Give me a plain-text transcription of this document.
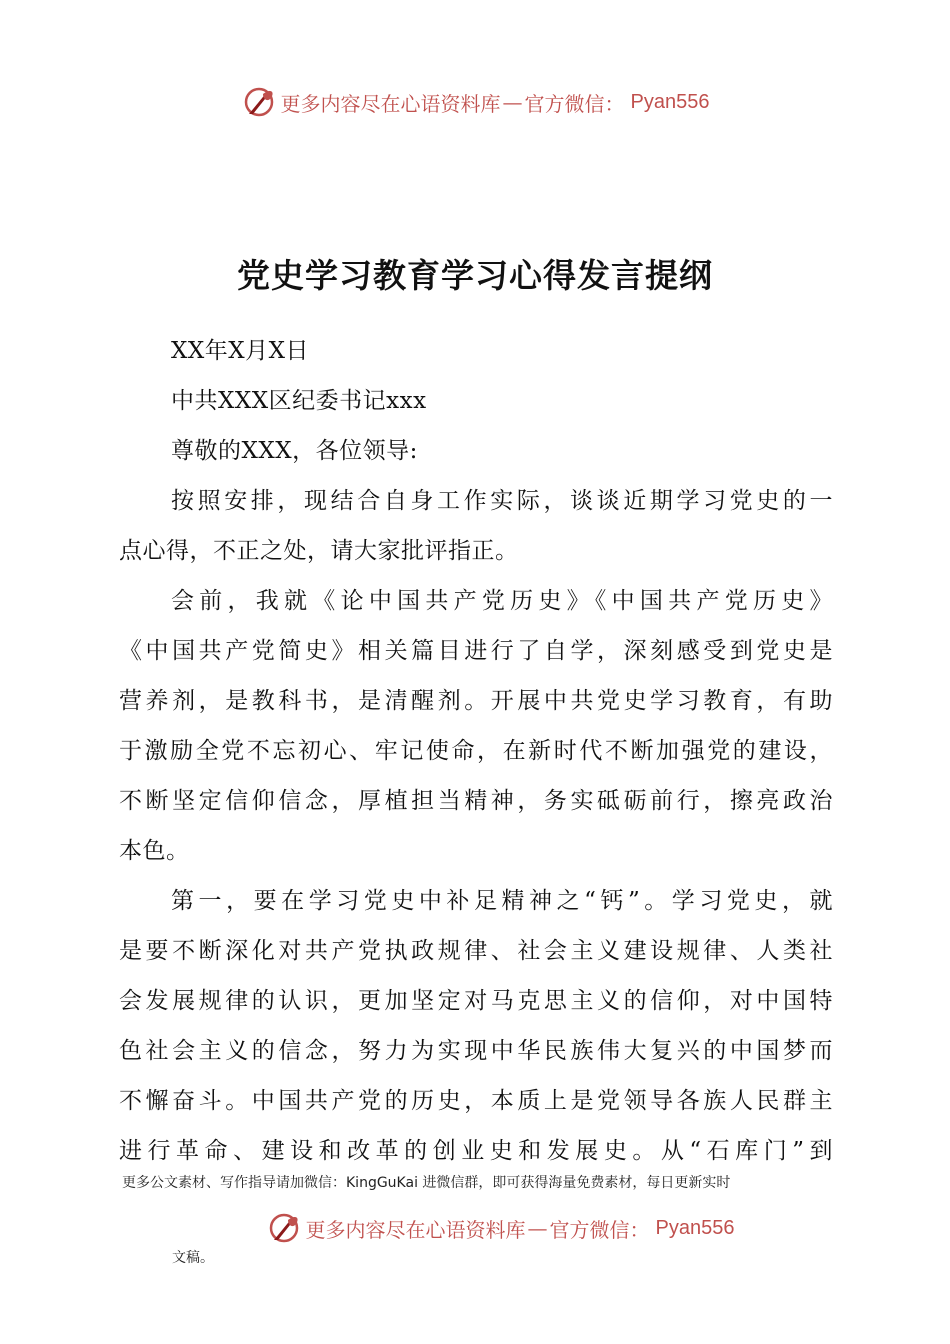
更多内容尽在心语资料库 — 官方微信： Pyan556
党史学习教育学习心得发言提纲
XX年X月X日
中共XXX区纪委书记xxx
尊敬的XXX，各位领导:
按照安排，现结合自身工作实际，谈谈近期学习党史的一
点心得，不正之处，请大家批评指正。
会前，我就《论中国共产党历史》《中国共产党历史》
《中国共产党简史》相关篇目进行了自学，深刻感受到党史是
营养剂，是教科书，是清醒剂。开展中共党史学习教育，有助
于激励全党不忘初心、牢记使命，在新时代不断加强党的建设，
不断坚定信仰信念，厚植担当精神，务实砥砺前行，擦亮政治
本色。
第一，要在学习党史中补足精神之“钙”。学习党史，就
是要不断深化对共产党执政规律、社会主义建设规律、人类社
会发展规律的认识，更加坚定对马克思主义的信仰，对中国特
色社会主义的信念，努力为实现中华民族伟大复兴的中国梦而
不懈奋斗。中国共产党的历史，本质上是党领导各族人民群主
进行革命、建设和改革的创业史和发展史。从“石库门”到
更多公文素材、写作指导请加微信：KingGuKai 进微信群，即可获得海量免费素材，每日更新实时
更多内容尽在心语资料库 — 官方微信： Pyan556
文稿。
